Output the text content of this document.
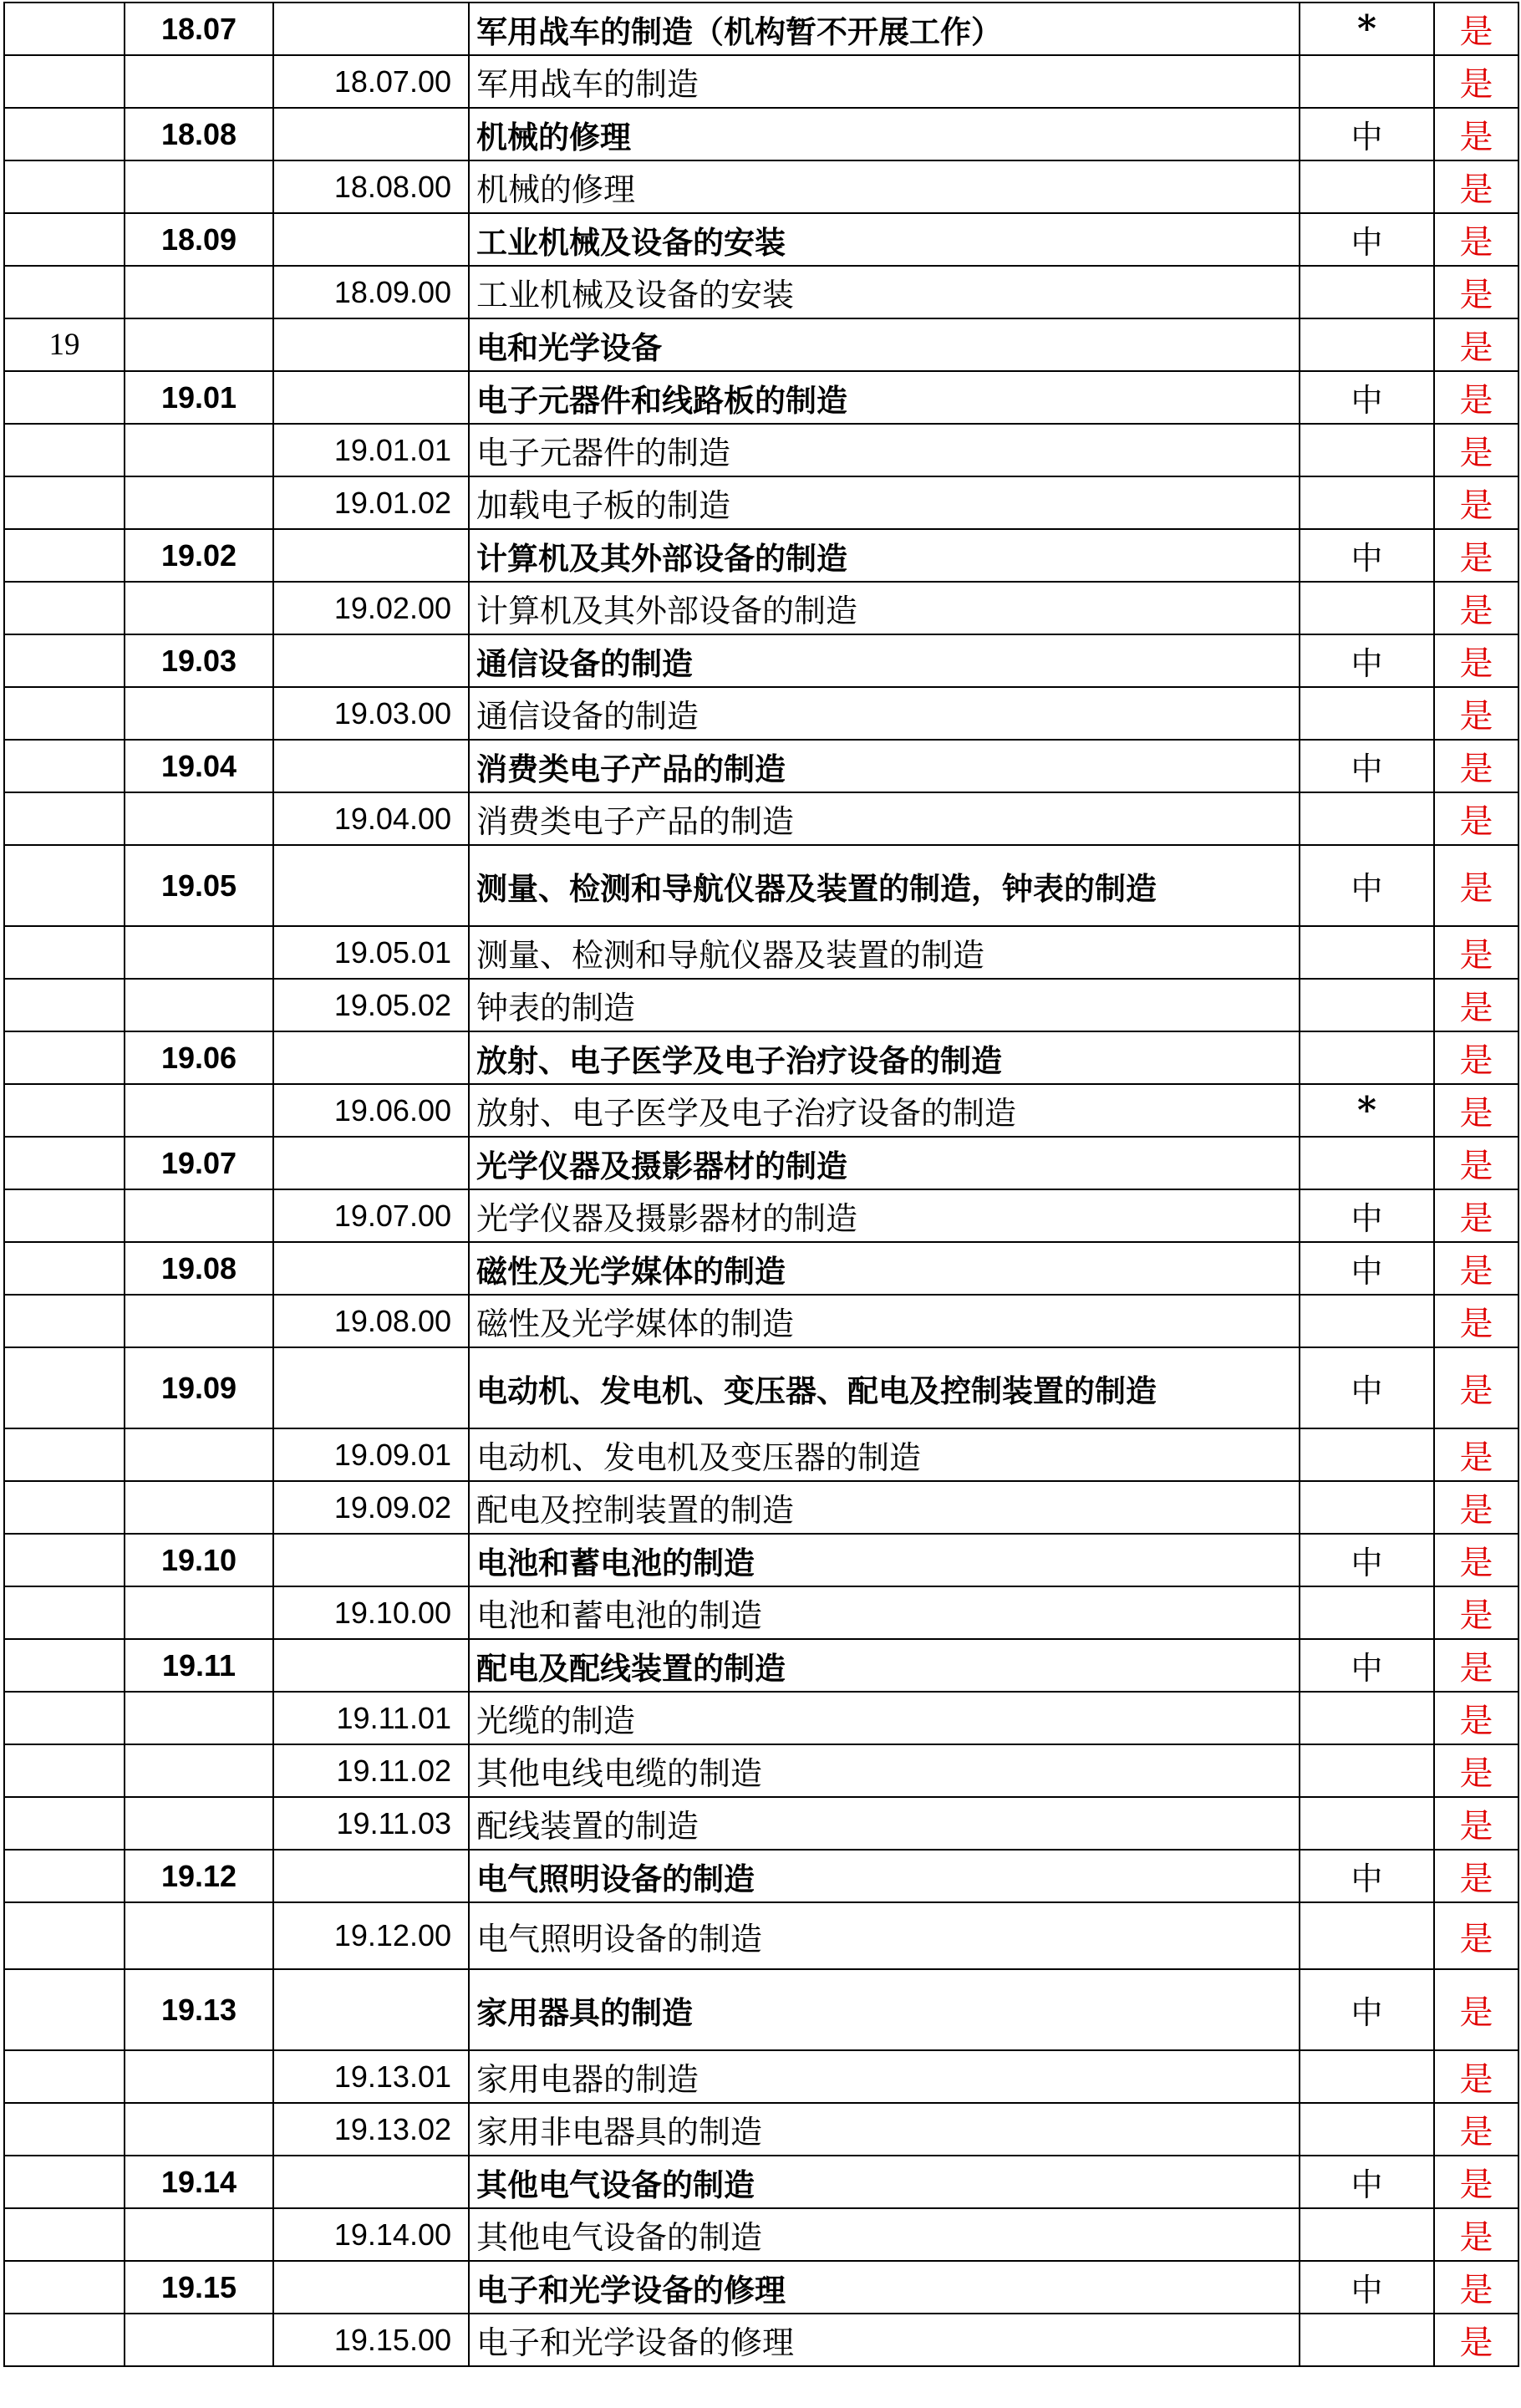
	18.07		军用战车的制造（机构暂不开展工作）	*	是
		18.07.00	军用战车的制造		是
	18.08		机械的修理	中	是
		18.08.00	机械的修理		是
	18.09		工业机械及设备的安装	中	是
		18.09.00	工业机械及设备的安装		是
19			电和光学设备		是
	19.01		电子元器件和线路板的制造	中	是
		19.01.01	电子元器件的制造		是
		19.01.02	加载电子板的制造		是
	19.02		计算机及其外部设备的制造	中	是
		19.02.00	计算机及其外部设备的制造		是
	19.03		通信设备的制造	中	是
		19.03.00	通信设备的制造		是
	19.04		消费类电子产品的制造	中	是
		19.04.00	消费类电子产品的制造		是
	19.05		测量、检测和导航仪器及装置的制造，钟表的制造	中	是
		19.05.01	测量、检测和导航仪器及装置的制造		是
		19.05.02	钟表的制造		是
	19.06		放射、电子医学及电子治疗设备的制造		是
		19.06.00	放射、电子医学及电子治疗设备的制造	*	是
	19.07		光学仪器及摄影器材的制造		是
		19.07.00	光学仪器及摄影器材的制造	中	是
	19.08		磁性及光学媒体的制造	中	是
		19.08.00	磁性及光学媒体的制造		是
	19.09		电动机、发电机、变压器、配电及控制装置的制造	中	是
		19.09.01	电动机、发电机及变压器的制造		是
		19.09.02	配电及控制装置的制造		是
	19.10		电池和蓄电池的制造	中	是
		19.10.00	电池和蓄电池的制造		是
	19.11		配电及配线装置的制造	中	是
		19.11.01	光缆的制造		是
		19.11.02	其他电线电缆的制造		是
		19.11.03	配线装置的制造		是
	19.12		电气照明设备的制造	中	是
		19.12.00	电气照明设备的制造		是
	19.13		家用器具的制造	中	是
		19.13.01	家用电器的制造		是
		19.13.02	家用非电器具的制造		是
	19.14		其他电气设备的制造	中	是
		19.14.00	其他电气设备的制造		是
	19.15		电子和光学设备的修理	中	是
		19.15.00	电子和光学设备的修理		是
